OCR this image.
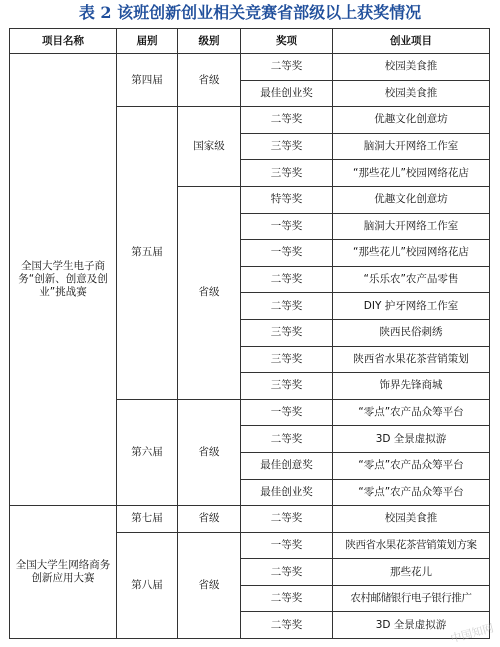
表 2 该班创新创业相关竞赛省部级以上获奖情况
项目名称	届别	级别	奖项	创业项目
全国大学生电子商务“创新、创意及创业”挑战赛	第四届	省级	二等奖	校园美食推
			最佳创业奖	校园美食推
	第五届	国家级	二等奖	优趣文化创意坊
			三等奖	脑洞大开网络工作室
			三等奖	“那些花儿”校园网络花店
		省级	特等奖	优趣文化创意坊
			一等奖	脑洞大开网络工作室
			一等奖	“那些花儿”校园网络花店
			二等奖	“乐乐农”农产品零售
			二等奖	DIY 护牙网络工作室
			三等奖	陕西民俗刺绣
			三等奖	陕西省水果花茶营销策划
			三等奖	饰界先锋商城
	第六届	省级	一等奖	“零点”农产品众筹平台
			二等奖	3D 全景虚拟游
			最佳创意奖	“零点”农产品众筹平台
			最佳创业奖	“零点”农产品众筹平台
全国大学生网络商务创新应用大赛	第七届	省级	二等奖	校园美食推
	第八届	省级	一等奖	陕西省水果花茶营销策划方案
			二等奖	那些花儿
			二等奖	农村邮储银行电子银行推广
			二等奖	3D 全景虚拟游 中国知网
